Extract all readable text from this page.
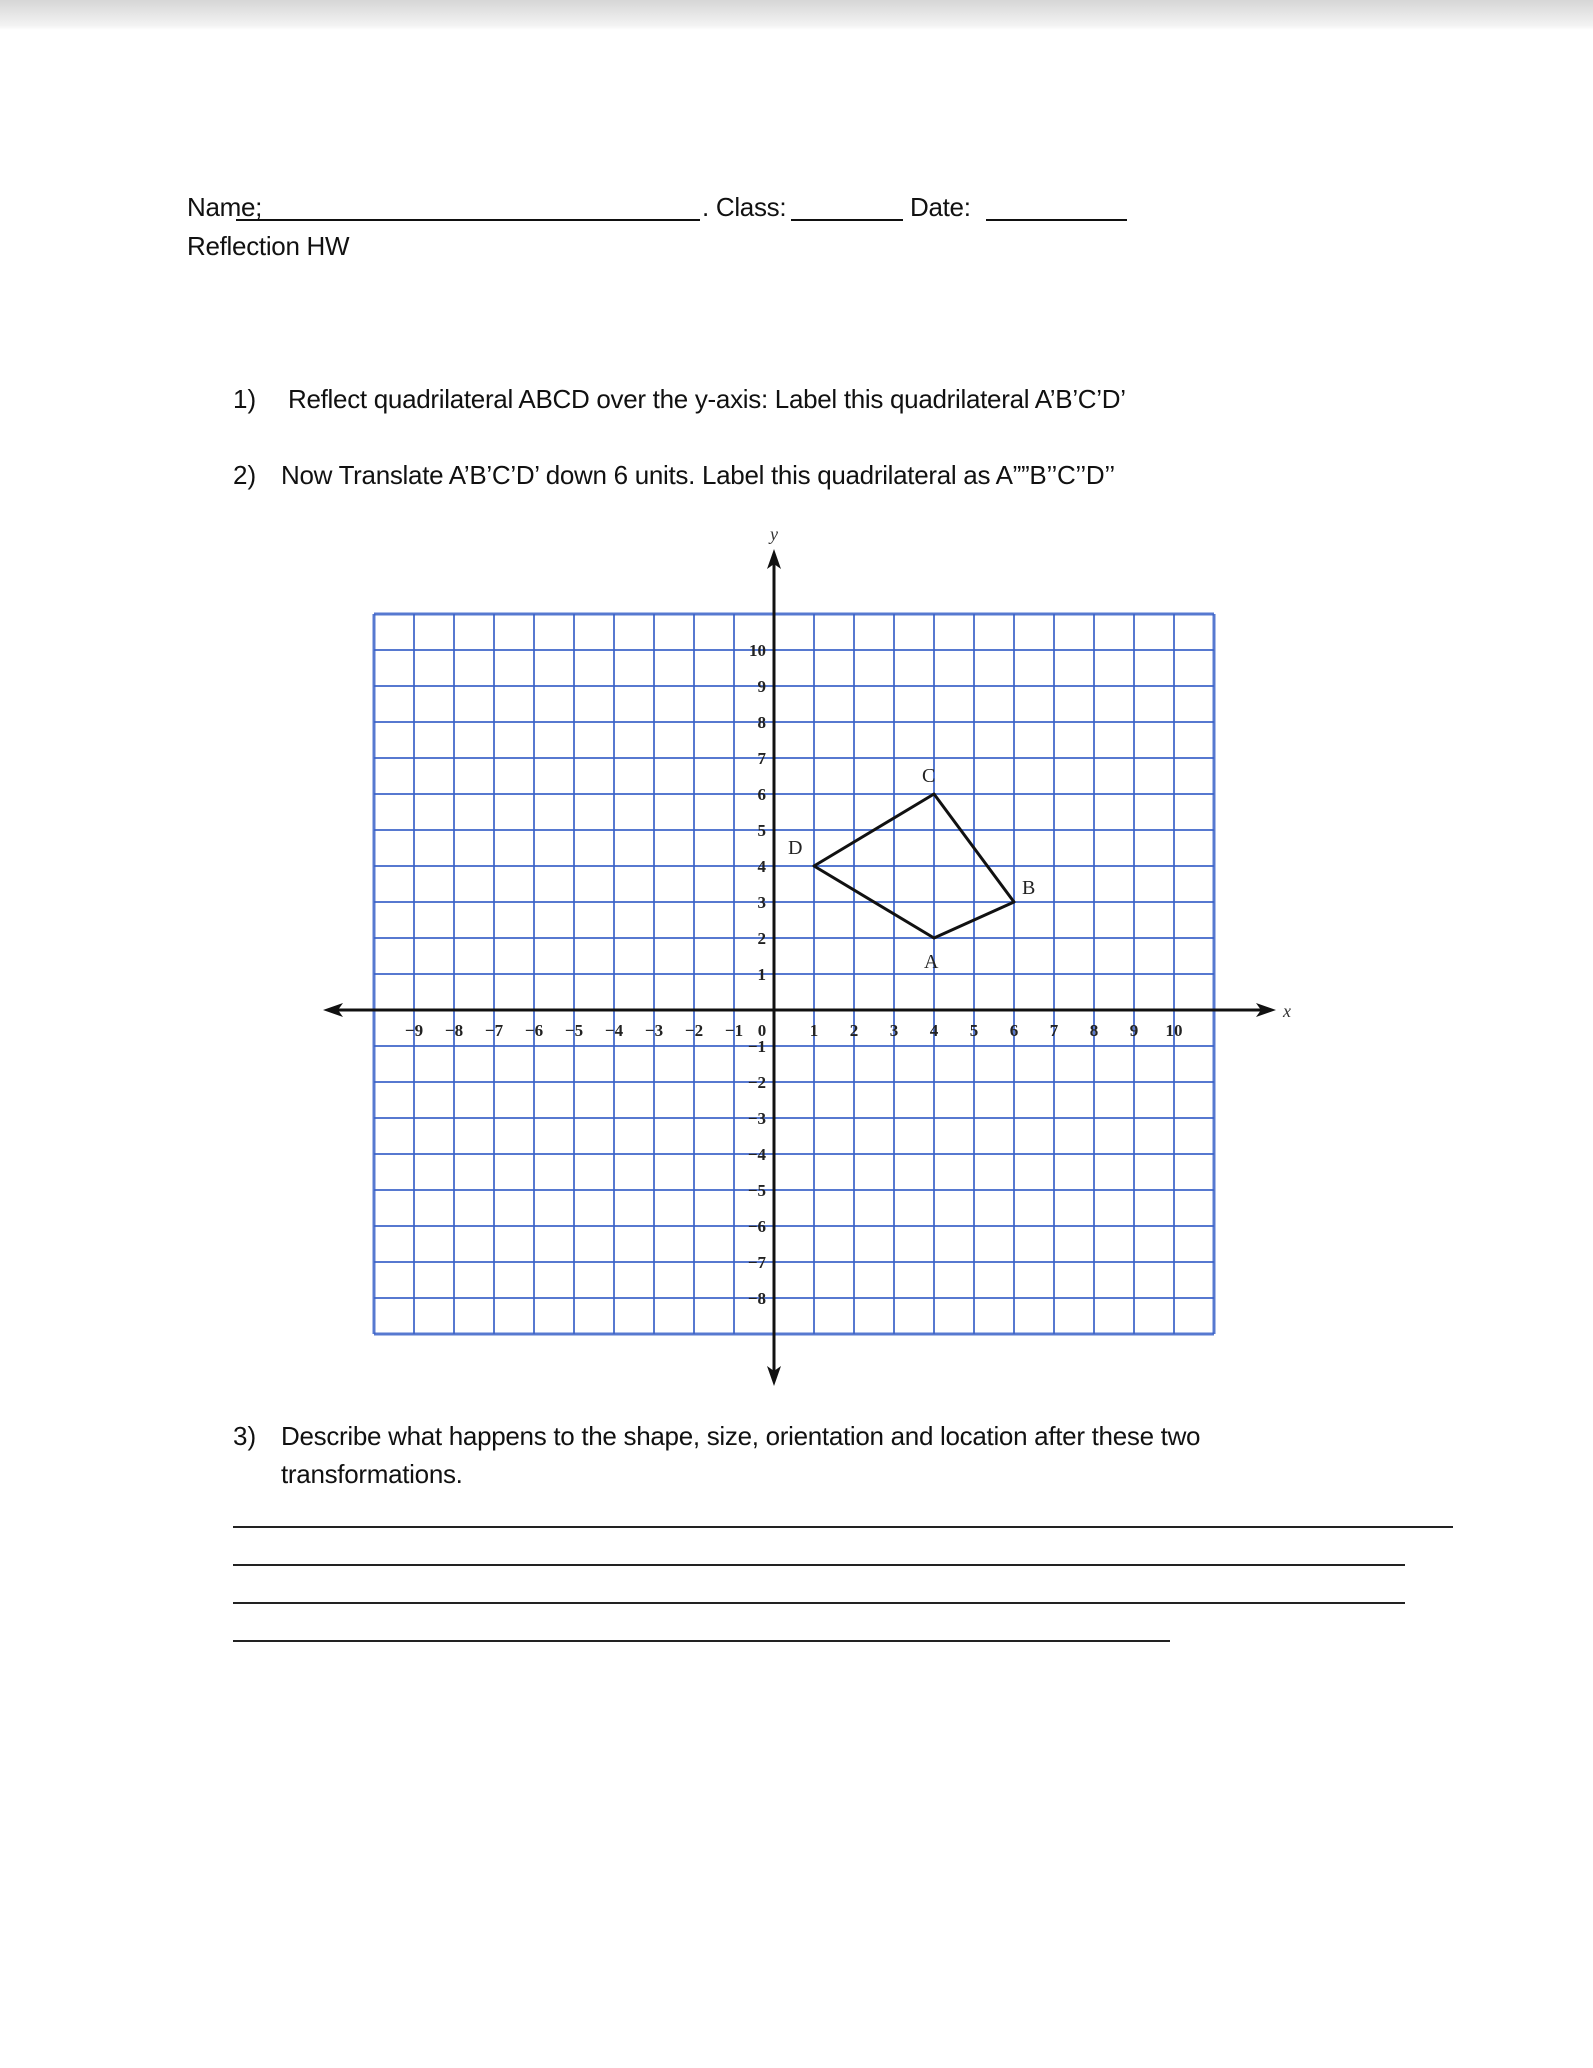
Name;	. Class:	Date:
Reflection HW
1) Reflect quadrilateral ABCD over the y-axis: Label this quadrilateral A’B’C’D’
2) Now Translate A’B’C’D’ down 6 units. Label this quadrilateral as A””B’’C’’D’’
x
y
−9 −8 −7 −6 −5 −4 −3 −2 −1 0	1 2 3 4 5 6 7 8 9 10
10
9
8
7
6
5
4
3
2
1
−1
−2
−3
−4
−5
−6
−7
−8
A
B
C
D
3) Describe what happens to the shape, size, orientation and location after these two
transformations.
